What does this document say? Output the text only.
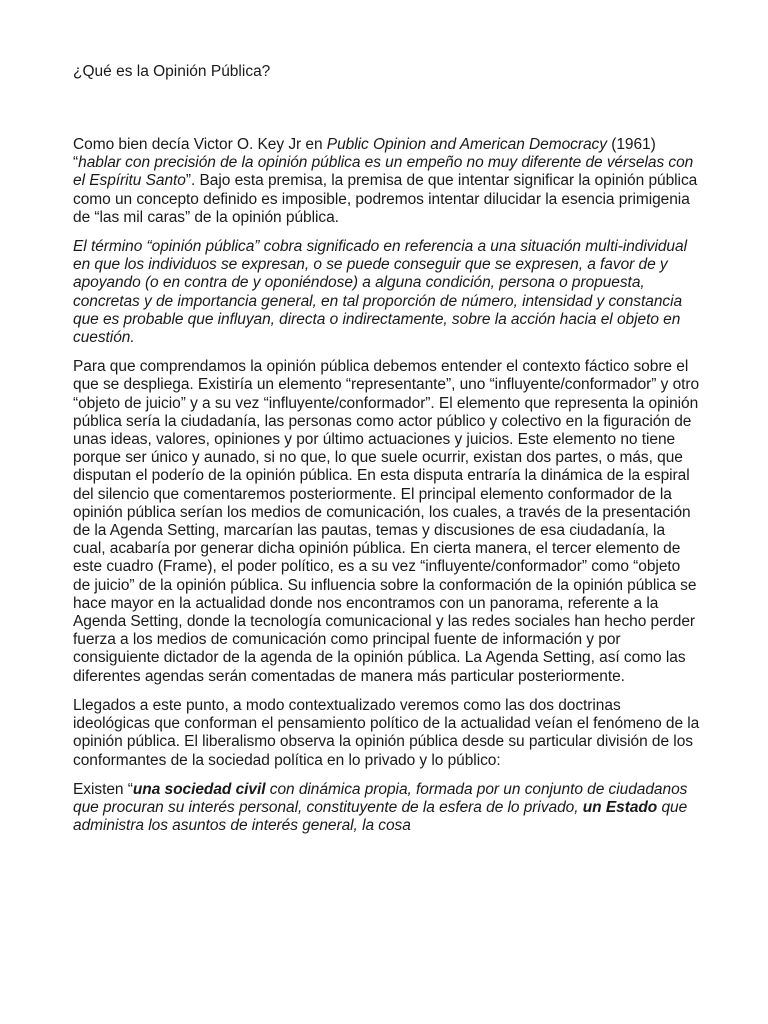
¿Qué es la Opinión Pública?

Como bien decía Victor O. Key Jr en Public Opinion and American Democracy (1961) “hablar con precisión de la opinión pública es un empeño no muy diferente de vérselas con el Espíritu Santo”. Bajo esta premisa, la premisa de que intentar significar la opinión pública como un concepto definido es imposible, podremos intentar dilucidar la esencia primigenia de “las mil caras” de la opinión pública.

El término “opinión pública” cobra significado en referencia a una situación multi-individual en que los individuos se expresan, o se puede conseguir que se expresen, a favor de y apoyando (o en contra de y oponiéndose) a alguna condición, persona o propuesta, concretas y de importancia general, en tal proporción de número, intensidad y constancia que es probable que influyan, directa o indirectamente, sobre la acción hacia el objeto en cuestión.

Para que comprendamos la opinión pública debemos entender el contexto fáctico sobre el que se despliega. Existiría un elemento “representante”, uno “influyente/conformador” y otro “objeto de juicio” y a su vez “influyente/conformador”. El elemento que representa la opinión pública sería la ciudadanía, las personas como actor público y colectivo en la figuración de unas ideas, valores, opiniones y por último actuaciones y juicios. Este elemento no tiene porque ser único y aunado, si no que, lo que suele ocurrir, existan dos partes, o más, que disputan el poderío de la opinión pública. En esta disputa entraría la dinámica de la espiral del silencio que comentaremos posteriormente. El principal elemento conformador de la opinión pública serían los medios de comunicación, los cuales, a través de la presentación de la Agenda Setting, marcarían las pautas, temas y discusiones de esa ciudadanía, la cual, acabaría por generar dicha opinión pública. En cierta manera, el tercer elemento de este cuadro (Frame), el poder político, es a su vez “influyente/conformador” como “objeto de juicio” de la opinión pública. Su influencia sobre la conformación de la opinión pública se hace mayor en la actualidad donde nos encontramos con un panorama, referente a la Agenda Setting, donde la tecnología comunicacional y las redes sociales han hecho perder fuerza a los medios de comunicación como principal fuente de información y por consiguiente dictador de la agenda de la opinión pública. La Agenda Setting, así como las diferentes agendas serán comentadas de manera más particular posteriormente.

Llegados a este punto, a modo contextualizado veremos como las dos doctrinas ideológicas que conforman el pensamiento político de la actualidad veían el fenómeno de la opinión pública. El liberalismo observa la opinión pública desde su particular división de los conformantes de la sociedad política en lo privado y lo público:

Existen “una sociedad civil con dinámica propia, formada por un conjunto de ciudadanos que procuran su interés personal, constituyente de la esfera de lo privado, un Estado que administra los asuntos de interés general, la cosa
